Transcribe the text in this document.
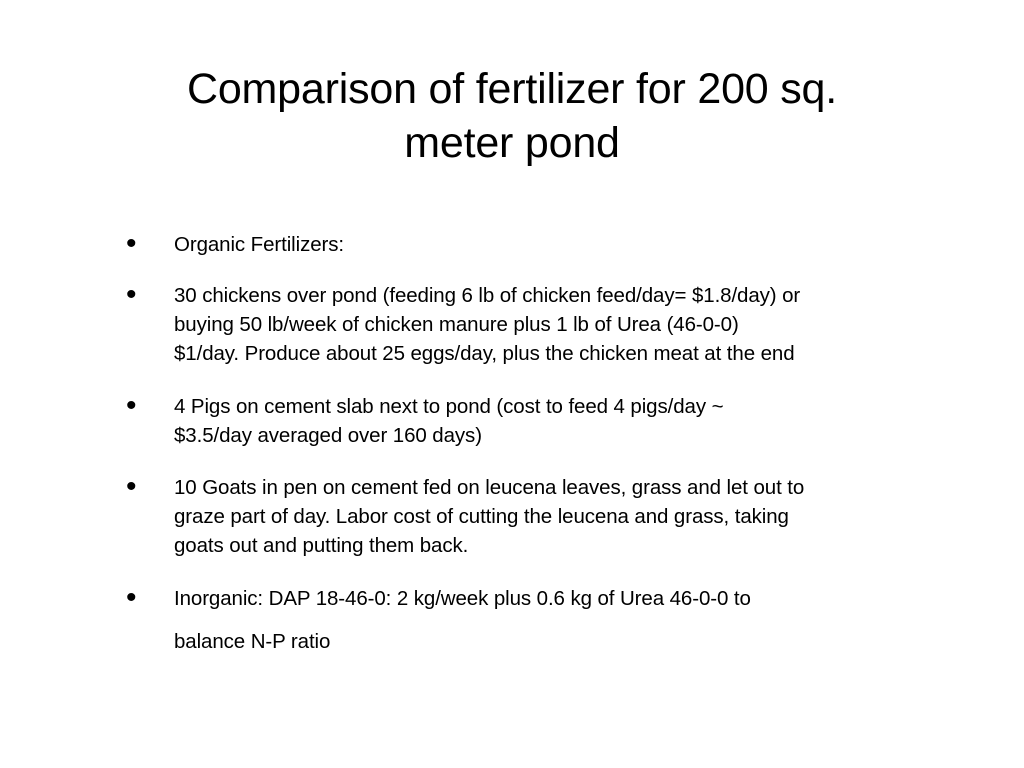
Comparison of fertilizer for 200 sq.
meter pond
• Organic Fertilizers:
• 30 chickens over pond (feeding 6 lb of chicken feed/day= $1.8/day) or
buying 50 lb/week of chicken manure plus 1 lb of Urea (46-0-0)
$1/day. Produce about 25 eggs/day, plus the chicken meat at the end
• 4 Pigs on cement slab next to pond (cost to feed 4 pigs/day ~
$3.5/day averaged over 160 days)
• 10 Goats in pen on cement fed on leucena leaves, grass and let out to
graze part of day. Labor cost of cutting the leucena and grass, taking
goats out and putting them back.
• Inorganic: DAP 18-46-0: 2 kg/week plus 0.6 kg of Urea 46-0-0 to
balance N-P ratio
